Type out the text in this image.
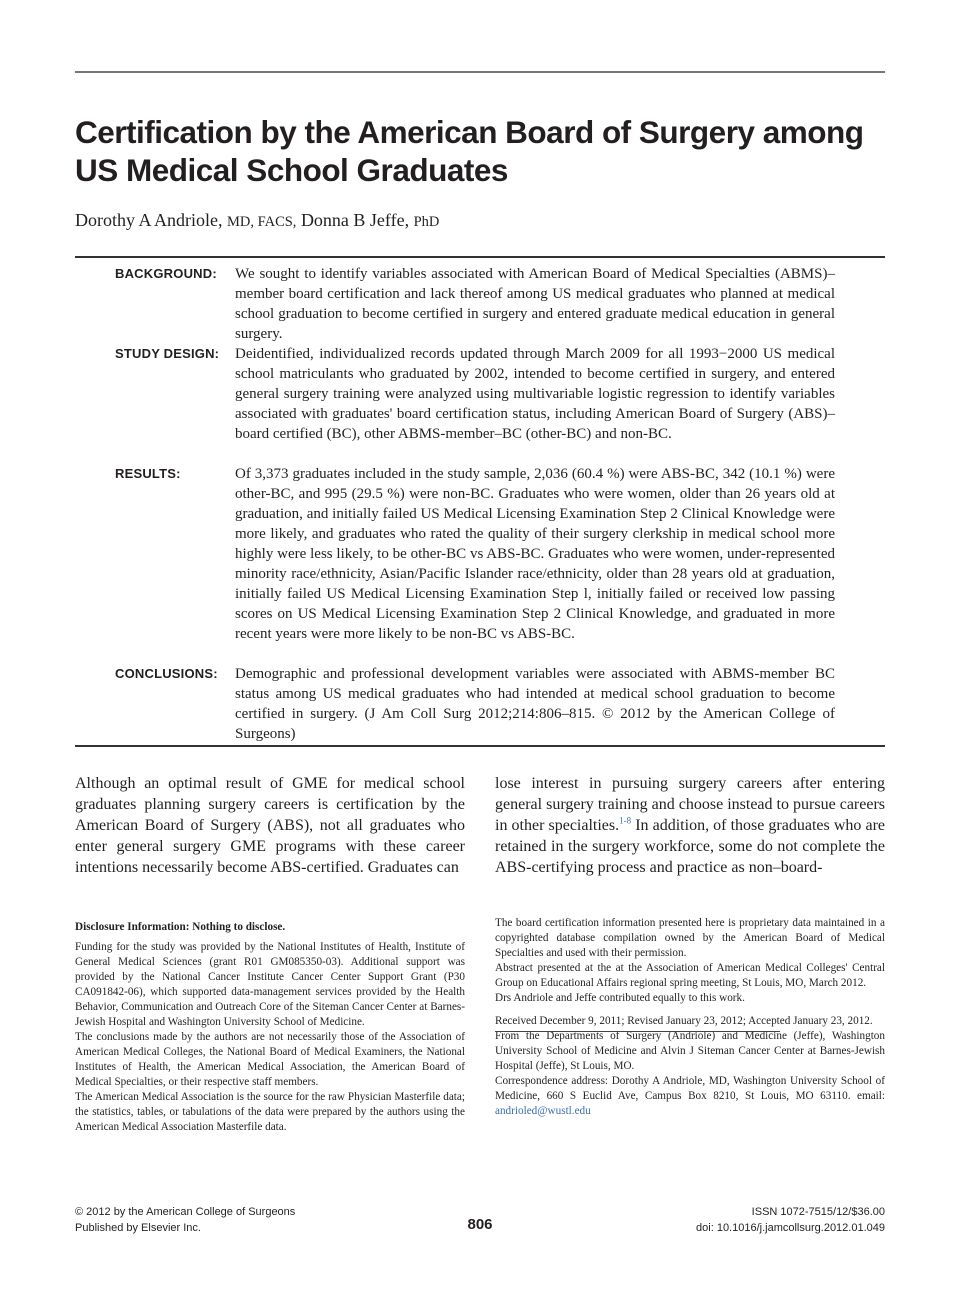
Certification by the American Board of Surgery among US Medical School Graduates
Dorothy A Andriole, MD, FACS, Donna B Jeffe, PhD
BACKGROUND: We sought to identify variables associated with American Board of Medical Specialties (ABMS)–member board certification and lack thereof among US medical graduates who planned at medical school graduation to become certified in surgery and entered graduate medical education in general surgery.

STUDY DESIGN: Deidentified, individualized records updated through March 2009 for all 1993−2000 US medical school matriculants who graduated by 2002, intended to become certified in surgery, and entered general surgery training were analyzed using multivariable logistic regression to identify variables associated with graduates' board certification status, including American Board of Surgery (ABS)–board certified (BC), other ABMS-member–BC (other-BC) and non-BC.

RESULTS:	Of 3,373 graduates included in the study sample, 2,036 (60.4 %) were ABS-BC, 342 (10.1 %) were other-BC, and 995 (29.5 %) were non-BC. Graduates who were women, older than 26 years old at graduation, and initially failed US Medical Licensing Examination Step 2 Clinical Knowledge were more likely, and graduates who rated the quality of their surgery clerkship in medical school more highly were less likely, to be other-BC vs ABS-BC. Graduates who were women, under-represented minority race/ethnicity, Asian/Pacific Islander race/ethnicity, older than 28 years old at graduation, initially failed US Medical Licensing Examination Step l, initially failed or received low passing scores on US Medical Licensing Examination Step 2 Clinical Knowledge, and graduated in more recent years were more likely to be non-BC vs ABS-BC.

CONCLUSIONS: Demographic and professional development variables were associated with ABMS-member BC status among US medical graduates who had intended at medical school graduation to become certified in surgery. (J Am Coll Surg 2012;214:806–815. © 2012 by the American College of Surgeons)

Although an optimal result of GME for medical school graduates planning surgery careers is certification by the American Board of Surgery (ABS), not all graduates who enter general surgery GME programs with these career intentions necessarily become ABS-certified. Graduates can

lose interest in pursuing surgery careers after entering general surgery training and choose instead to pursue careers in other specialties.$^{1-8}$ In addition, of those graduates who are retained in the surgery workforce, some do not complete the ABS-certifying process and practice as non–board-

Disclosure Information: Nothing to disclose.

Funding for the study was provided by the National Institutes of Health, Institute of General Medical Sciences (grant R01 GM085350-03). Additional support was provided by the National Cancer Institute Cancer Center Support Grant (P30 CA091842-06), which supported data-management services provided by the Health Behavior, Communication and Outreach Core of the Siteman Cancer Center at Barnes-Jewish Hospital and Washington University School of Medicine.

The conclusions made by the authors are not necessarily those of the Association of American Medical Colleges, the National Board of Medical Examiners, the National Institutes of Health, the American Medical Association, the American Board of Medical Specialties, or their respective staff members.

The American Medical Association is the source for the raw Physician Masterfile data; the statistics, tables, or tabulations of the data were prepared by the authors using the American Medical Association Masterfile data.

The board certification information presented here is proprietary data maintained in a copyrighted database compilation owned by the American Board of Medical Specialties and used with their permission.

Abstract presented at the at the Association of American Medical Colleges' Central Group on Educational Affairs regional spring meeting, St Louis, MO, March 2012.

Drs Andriole and Jeffe contributed equally to this work.

Received December 9, 2011; Revised January 23, 2012; Accepted January 23, 2012.

From the Departments of Surgery (Andriole) and Medicine (Jeffe), Washington University School of Medicine and Alvin J Siteman Cancer Center at Barnes-Jewish Hospital (Jeffe), St Louis, MO.

Correspondence address: Dorothy A Andriole, MD, Washington University School of Medicine, 660 S Euclid Ave, Campus Box 8210, St Louis, MO 63110. email: andrioled@wustl.edu

© 2012 by the American College of Surgeons
Published by Elsevier Inc.	806
ISSN 1072-7515/12/$36.00
doi: 10.1016/j.jamcollsurg.2012.01.049
